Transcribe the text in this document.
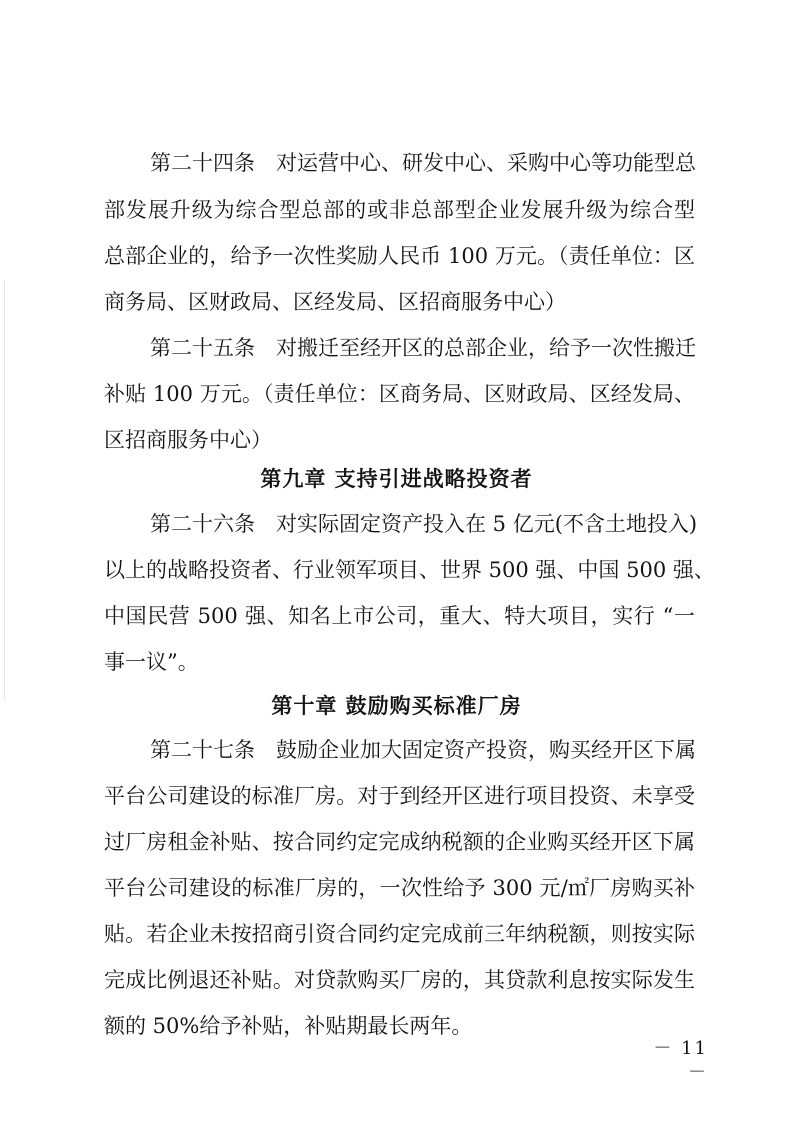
第二十四条　对运营中心、研发中心、采购中心等功能型总
部发展升级为综合型总部的或非总部型企业发展升级为综合型
总部企业的，给予一次性奖励人民币 100 万元。（责任单位：区
商务局、区财政局、区经发局、区招商服务中心）
第二十五条　对搬迁至经开区的总部企业，给予一次性搬迁
补贴 100 万元。（责任单位：区商务局、区财政局、区经发局、
区招商服务中心）
第九章 支持引进战略投资者
第二十六条　对实际固定资产投入在 5 亿元(不含土地投入)
以上的战略投资者、行业领军项目、世界 500 强、中国 500 强、
中国民营 500 强、知名上市公司，重大、特大项目，实行 “一
事一议”。
第十章 鼓励购买标准厂房
第二十七条　鼓励企业加大固定资产投资，购买经开区下属
平台公司建设的标准厂房。对于到经开区进行项目投资、未享受
过厂房租金补贴、按合同约定完成纳税额的企业购买经开区下属
平台公司建设的标准厂房的，一次性给予 300 元/㎡厂房购买补
贴。若企业未按招商引资合同约定完成前三年纳税额，则按实际
完成比例退还补贴。对贷款购买厂房的，其贷款利息按实际发生
额的 50%给予补贴，补贴期最长两年。
－ 11 －
